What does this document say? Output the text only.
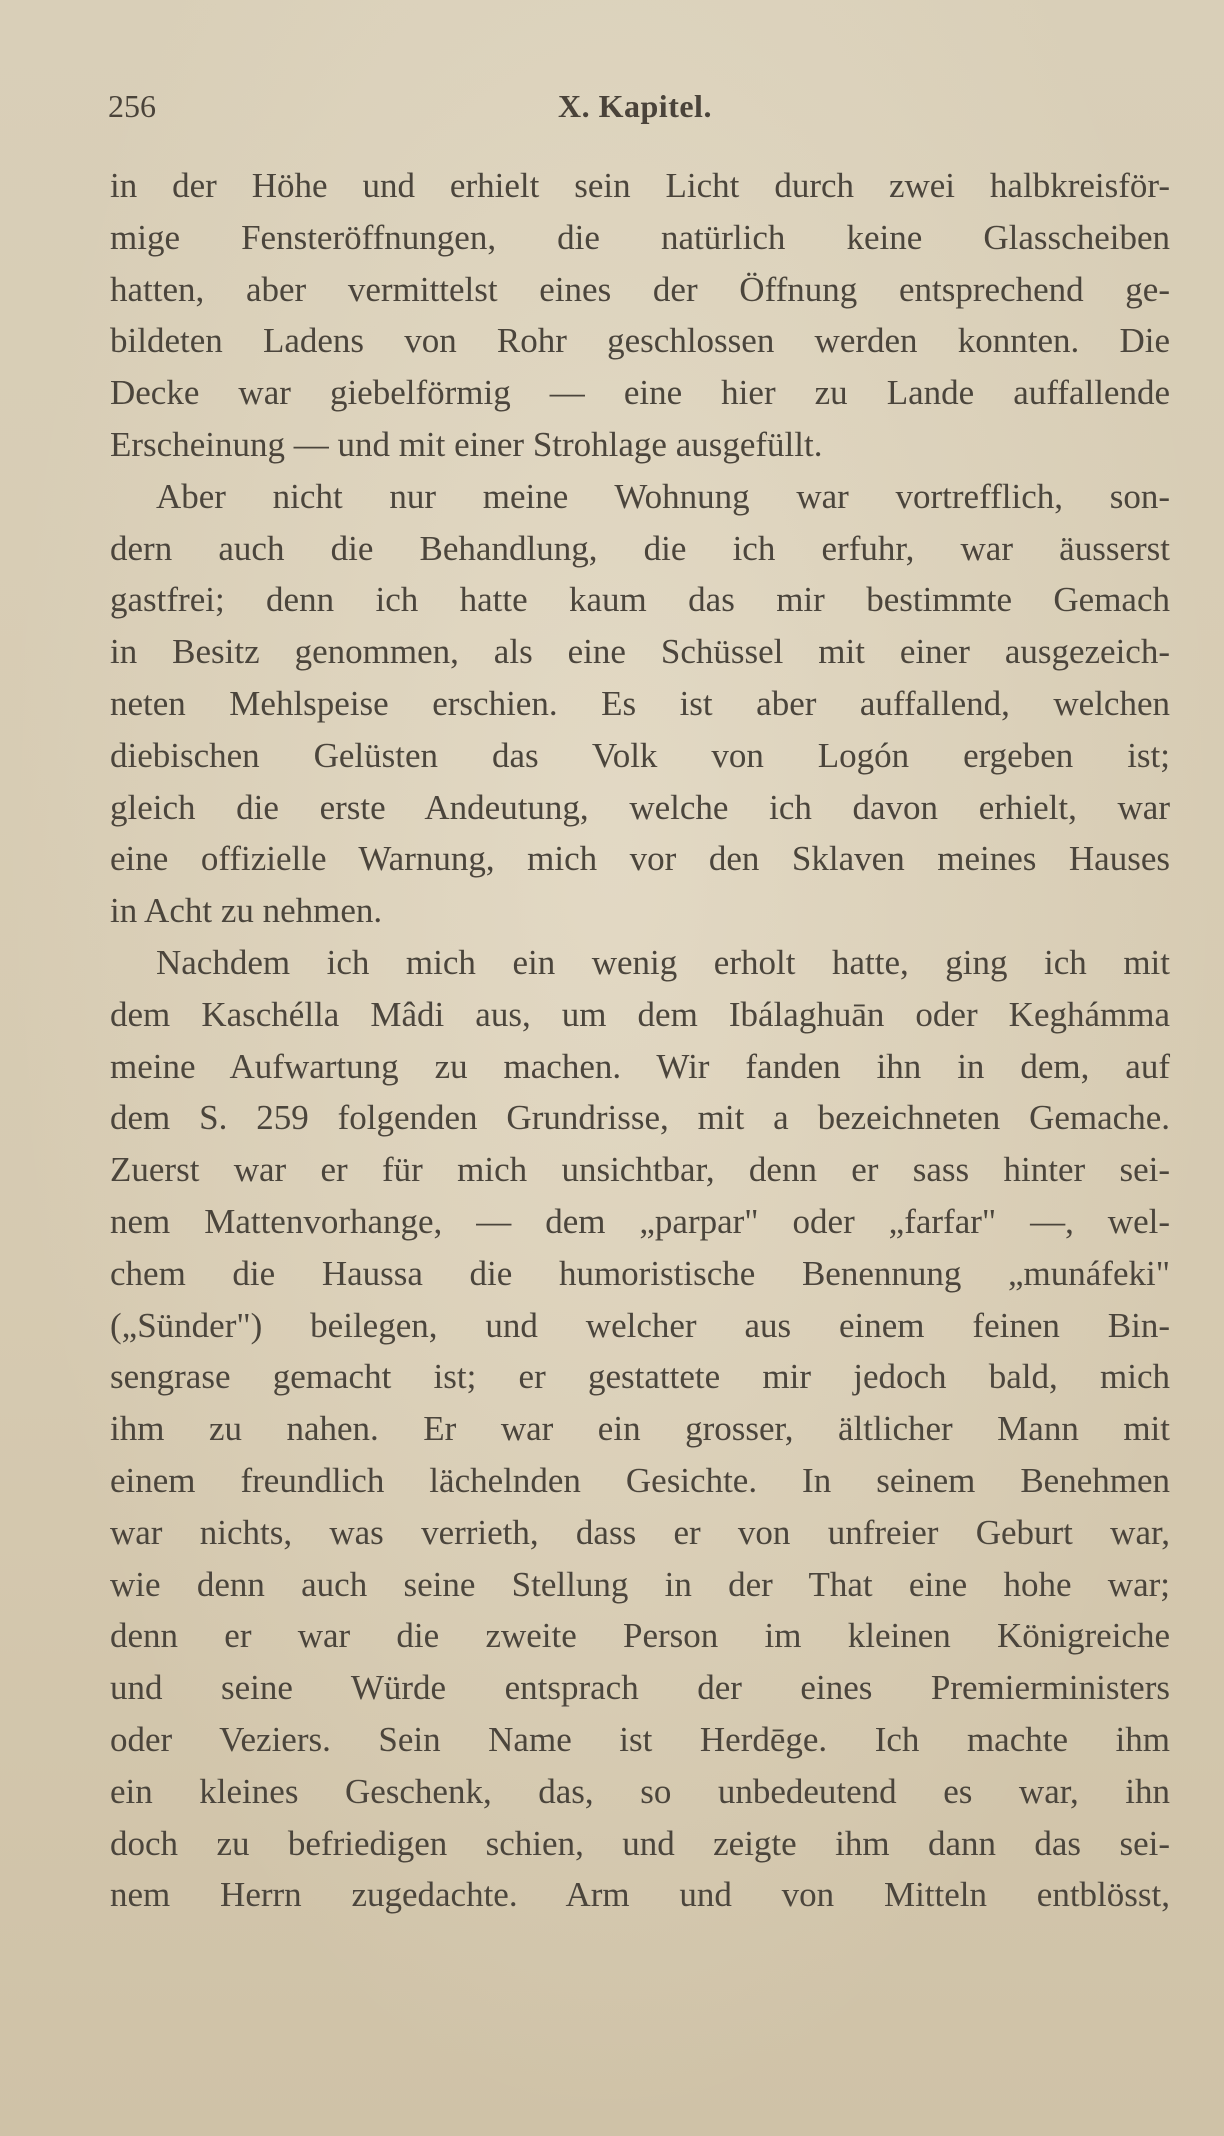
256	X. Kapitel.
in der Höhe und erhielt sein Licht durch zwei halbkreisför-
mige Fensteröffnungen, die natürlich keine Glasscheiben
hatten, aber vermittelst eines der Öffnung entsprechend ge-
bildeten Ladens von Rohr geschlossen werden konnten. Die
Decke war giebelförmig — eine hier zu Lande auffallende
Erscheinung — und mit einer Strohlage ausgefüllt.
Aber nicht nur meine Wohnung war vortrefflich, son-
dern auch die Behandlung, die ich erfuhr, war äusserst
gastfrei; denn ich hatte kaum das mir bestimmte Gemach
in Besitz genommen, als eine Schüssel mit einer ausgezeich-
neten Mehlspeise erschien. Es ist aber auffallend, welchen
diebischen Gelüsten das Volk von Logón ergeben ist;
gleich die erste Andeutung, welche ich davon erhielt, war
eine offizielle Warnung, mich vor den Sklaven meines Hauses
in Acht zu nehmen.
Nachdem ich mich ein wenig erholt hatte, ging ich mit
dem Kaschélla Mâdi aus, um dem Ibálaghuān oder Keghámma
meine Aufwartung zu machen. Wir fanden ihn in dem, auf
dem S. 259 folgenden Grundrisse, mit a bezeichneten Gemache.
Zuerst war er für mich unsichtbar, denn er sass hinter sei-
nem Mattenvorhange, — dem „parpar" oder „farfar" —, wel-
chem die Haussa die humoristische Benennung „munáfeki"
(„Sünder") beilegen, und welcher aus einem feinen Bin-
sengrase gemacht ist; er gestattete mir jedoch bald, mich
ihm zu nahen. Er war ein grosser, ältlicher Mann mit
einem freundlich lächelnden Gesichte. In seinem Benehmen
war nichts, was verrieth, dass er von unfreier Geburt war,
wie denn auch seine Stellung in der That eine hohe war;
denn er war die zweite Person im kleinen Königreiche
und seine Würde entsprach der eines Premierministers
oder Veziers. Sein Name ist Herdēge. Ich machte ihm
ein kleines Geschenk, das, so unbedeutend es war, ihn
doch zu befriedigen schien, und zeigte ihm dann das sei-
nem Herrn zugedachte. Arm und von Mitteln entblösst,
